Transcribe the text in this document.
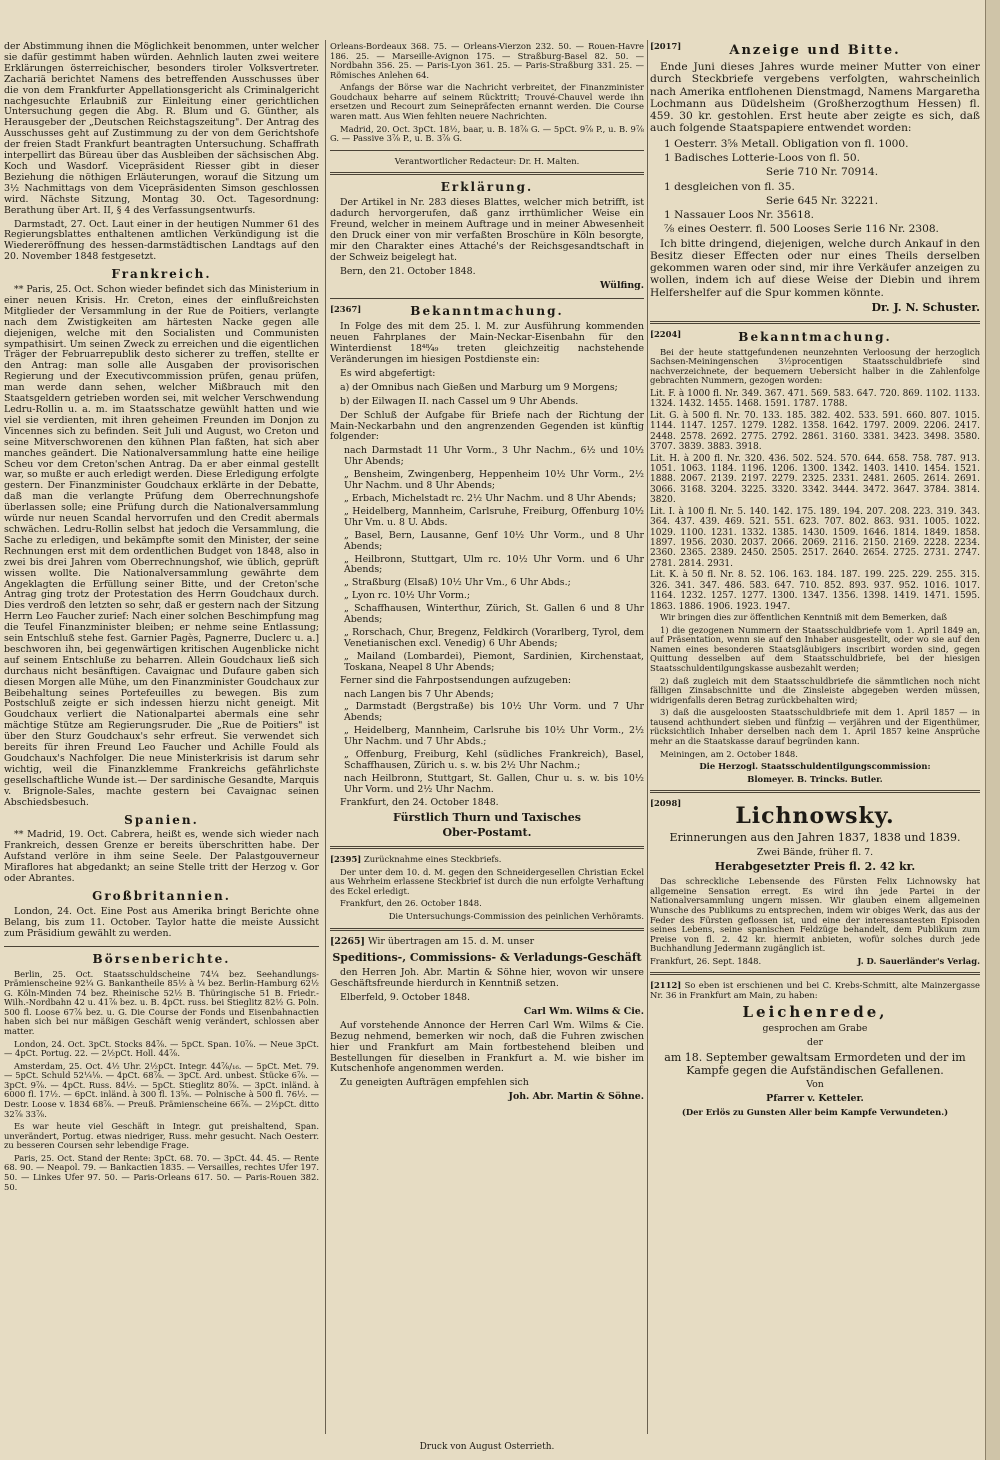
der Abstimmung ihnen die Möglichkeit benommen, unter welcher sie dafür gestimmt haben würden. Aehnlich lauten zwei weitere Erklärungen österreichischer, besonders tiroler Volksvertreter. Zachariä berichtet Namens des betreffenden Ausschusses über die von dem Frankfurter Appellationsgericht als Criminalgericht nachgesuchte Erlaubniß zur Einleitung einer gerichtlichen Untersuchung gegen die Abg. R. Blum und G. Günther, als Herausgeber der „Deutschen Reichstagszeitung". Der Antrag des Ausschusses geht auf Zustimmung zu der von dem Gerichtshofe der freien Stadt Frankfurt beantragten Untersuchung. Schaffrath interpellirt das Büreau über das Ausbleiben der sächsischen Abg. Koch und Wasdorf. Vicepräsident Riesser gibt in dieser Beziehung die nöthigen Erläuterungen, worauf die Sitzung um 3½ Nachmittags von dem Vicepräsidenten Simson geschlossen wird. Nächste Sitzung, Montag 30. Oct. Tagesordnung: Berathung über Art. II, § 4 des Verfassungsentwurfs.

Darmstadt, 27. Oct. Laut einer in der heutigen Nummer 61 des Regierungsblattes enthaltenen amtlichen Verkündigung ist die Wiedereröffnung des hessen-darmstädtischen Landtags auf den 20. November 1848 festgesetzt.

Frankreich.

** Paris, 25. Oct. Schon wieder befindet sich das Ministerium in einer neuen Krisis. Hr. Creton, eines der einflußreichsten Mitglieder der Versammlung in der Rue de Poitiers, verlangte nach dem Zwistigkeiten am härtesten Nacke gegen alle diejenigen, welche mit den Socialisten und Communisten sympathisirt. Um seinen Zweck zu erreichen und die eigentlichen Träger der Februarrepublik desto sicherer zu treffen, stellte er den Antrag: man solle alle Ausgaben der provisorischen Regierung und der Executivcommission prüfen, genau prüfen, man werde dann sehen, welcher Mißbrauch mit den Staatsgeldern getrieben worden sei, mit welcher Verschwendung Ledru-Rollin u. a. m. im Staatsschatze gewühlt hatten und wie viel sie verdienten, mit ihren geheimen Freunden im Donjon zu Vincennes sich zu befinden. Seit Juli und August, wo Creton und seine Mitverschworenen den kühnen Plan faßten, hat sich aber manches geändert. Die Nationalversammlung hatte eine heilige Scheu vor dem Creton'schen Antrag. Da er aber einmal gestellt war, so mußte er auch erledigt werden. Diese Erledigung erfolgte gestern. Der Finanzminister Goudchaux erklärte in der Debatte, daß man die verlangte Prüfung dem Oberrechnungshofe überlassen solle; eine Prüfung durch die Nationalversammlung würde nur neuen Scandal hervorrufen und den Credit abermals schwächen. Ledru-Rollin selbst hat jedoch die Versammlung, die Sache zu erledigen, und bekämpfte somit den Minister, der seine Rechnungen erst mit dem ordentlichen Budget von 1848, also in zwei bis drei Jahren vom Oberrechnungshof, wie üblich, geprüft wissen wollte. Die Nationalversammlung gewährte dem Angeklagten die Erfüllung seiner Bitte, und der Creton'sche Antrag ging trotz der Protestation des Herrn Goudchaux durch. Dies verdroß den letzten so sehr, daß er gestern nach der Sitzung Herrn Leo Faucher zurief: Nach einer solchen Beschimpfung mag die Teufel Finanzminister bleiben; er nehme seine Entlassung; sein Entschluß stehe fest. Garnier Pagès, Pagnerre, Duclerc u. a.] beschworen ihn, bei gegenwärtigen kritischen Augenblicke nicht auf seinem Entschluße zu beharren. Allein Goudchaux ließ sich durchaus nicht besänftigen. Cavaignac und Dufaure gaben sich diesen Morgen alle Mühe, um den Finanzminister Goudchaux zur Beibehaltung seines Portefeuilles zu bewegen. Bis zum Postschluß zeigte er sich indessen hierzu nicht geneigt. Mit Goudchaux verliert die Nationalpartei abermals eine sehr mächtige Stütze am Regierungsruder. Die „Rue de Poitiers" ist über den Sturz Goudchaux's sehr erfreut. Sie verwendet sich bereits für ihren Freund Leo Faucher und Achille Fould als Goudchaux's Nachfolger. Die neue Ministerkrisis ist darum sehr wichtig, weil die Finanzklemme Frankreichs gefährlichste gesellschaftliche Wunde ist.— Der sardinische Gesandte, Marquis v. Brignole-Sales, machte gestern bei Cavaignac seinen Abschiedsbesuch.

Spanien.

** Madrid, 19. Oct. Cabrera, heißt es, wende sich wieder nach Frankreich, dessen Grenze er bereits überschritten habe. Der Aufstand verlöre in ihm seine Seele. Der Palastgouverneur Miraflores hat abgedankt; an seine Stelle tritt der Herzog v. Gor oder Abrantes.

Großbritannien.

London, 24. Oct. Eine Post aus Amerika bringt Berichte ohne Belang, bis zum 11. October. Taylor hatte die meiste Aussicht zum Präsidium gewählt zu werden.

Börsenberichte.

Berlin, 25. Oct. Staatsschuldscheine 74¼ bez. Seehandlungs-Prämienscheine 92¼ G. Bankantheile 85½ à ¼ bez. Berlin-Hamburg 62½ G. Köln-Minden 74 bez. Rheinische 52½ B. Thüringische 51 B. Friedr.-Wilh.-Nordbahn 42 u. 41⅞ bez. u. B. 4pCt. russ. bei Stieglitz 82½ G. Poln. 500 fl. Loose 67⅞ bez. u. G. Die Course der Fonds und Eisenbahnactien haben sich bei nur mäßigen Geschäft wenig verändert, schlossen aber matter.

London, 24. Oct. 3pCt. Stocks 84⅞. — 5pCt. Span. 10⅞. — Neue 3pCt. — 4pCt. Portug. 22. — 2½pCt. Holl. 44⅞.

Amsterdam, 25. Oct. 4½ Uhr. 2½pCt. Integr. 44⅞/₁₆. — 5pCt. Met. 79. — 5pCt. Schuld 52¼⅛. — 4pCt. 68⅞. — 3pCt. Ard. unbest. Stücke 6⅞. — 3pCt. 9⅞. — 4pCt. Russ. 84½. — 5pCt. Stieglitz 80⅞. — 3pCt. inländ. à 6000 fl. 17½. — 6pCt. inländ. à 300 fl. 13⅝. — Polnische à 500 fl. 76½. — Destr. Loose v. 1834 68⅞. — Preuß. Prämienscheine 66⅞. — 2½pCt. ditto 32⅞ 33⅞.

Es war heute viel Geschäft in Integr. gut preishaltend, Span. unverändert, Portug. etwas niedriger, Russ. mehr gesucht. Nach Oesterr. zu besseren Coursen sehr lebendige Frage.

Paris, 25. Oct. Stand der Rente: 3pCt. 68. 70. — 3pCt. 44. 45. — Rente 68. 90. — Neapol. 79. — Bankactien 1835. — Versailles, rechtes Ufer 197. 50. — Linkes Ufer 97. 50. — Paris-Orleans 617. 50. — Paris-Rouen 382. 50.

Orleans-Bordeaux 368. 75. — Orleans-Vierzon 232. 50. — Rouen-Havre 186. 25. — Marseille-Avignon 175. — Straßburg-Basel 82. 50. — Nordbahn 356. 25. — Paris-Lyon 361. 25. — Paris-Straßburg 331. 25. — Römisches Anlehen 64.

Anfangs der Börse war die Nachricht verbreitet, der Finanzminister Goudchaux beharre auf seinem Rücktritt; Trouvé-Chauvel werde ihn ersetzen und Recourt zum Seinepräfecten ernannt werden. Die Course waren matt. Aus Wien fehlten neuere Nachrichten.

Madrid, 20. Oct. 3pCt. 18½, baar, u. B. 18⅞ G. — 5pCt. 9⅞ P., u. B. 9⅞ G. — Passive 3⅞ P., u. B. 3⅞ G.

Verantwortlicher Redacteur: Dr. H. Malten.

Erklärung.

Der Artikel in Nr. 283 dieses Blattes, welcher mich betrifft, ist dadurch hervorgerufen, daß ganz irrthümlicher Weise ein Freund, welcher in meinem Auftrage und in meiner Abwesenheit den Druck einer von mir verfaßten Broschüre in Köln besorgte, mir den Charakter eines Attaché's der Reichsgesandtschaft in der Schweiz beigelegt hat.

Bern, den 21. October 1848.

Wülfing.

[2367]	Bekanntmachung.

In Folge des mit dem 25. l. M. zur Ausführung kommenden neuen Fahrplanes der Main-Neckar-Eisenbahn für den Winterdienst 18⁴⁸⁄₄₉ treten gleichzeitig nachstehende Veränderungen im hiesigen Postdienste ein:

Es wird abgefertigt:

a) der Omnibus nach Gießen und Marburg um 9 Morgens;

b) der Eilwagen II. nach Cassel um 9 Uhr Abends.

Der Schluß der Aufgabe für Briefe nach der Richtung der Main-Neckarbahn und den angrenzenden Gegenden ist künftig folgender:

nach Darmstadt 11 Uhr Vorm., 3 Uhr Nachm., 6½ und 10½ Uhr Abends;

„ Bensheim, Zwingenberg, Heppenheim 10½ Uhr Vorm., 2½ Uhr Nachm. und 8 Uhr Abends;

„ Erbach, Michelstadt rc. 2½ Uhr Nachm. und 8 Uhr Abends;

„ Heidelberg, Mannheim, Carlsruhe, Freiburg, Offenburg 10½ Uhr Vm. u. 8 U. Abds.

„ Basel, Bern, Lausanne, Genf 10½ Uhr Vorm., und 8 Uhr Abends;

„ Heilbronn, Stuttgart, Ulm rc. 10½ Uhr Vorm. und 6 Uhr Abends;

„ Straßburg (Elsaß) 10½ Uhr Vm., 6 Uhr Abds.;

„ Lyon rc. 10½ Uhr Vorm.;

„ Schaffhausen, Winterthur, Zürich, St. Gallen 6 und 8 Uhr Abends;

„ Rorschach, Chur, Bregenz, Feldkirch (Vorarlberg, Tyrol, dem Venetianischen excl. Venedig) 6 Uhr Abends;

„ Mailand (Lombardei), Piemont, Sardinien, Kirchenstaat, Toskana, Neapel 8 Uhr Abends;

Ferner sind die Fahrpostsendungen aufzugeben:

nach Langen bis 7 Uhr Abends;

„ Darmstadt (Bergstraße) bis 10½ Uhr Vorm. und 7 Uhr Abends;

„ Heidelberg, Mannheim, Carlsruhe bis 10½ Uhr Vorm., 2½ Uhr Nachm. und 7 Uhr Abds.;

„ Offenburg, Freiburg, Kehl (südliches Frankreich), Basel, Schaffhausen, Zürich u. s. w. bis 2½ Uhr Nachm.;

nach Heilbronn, Stuttgart, St. Gallen, Chur u. s. w. bis 10½ Uhr Vorm. und 2½ Uhr Nachm.

Frankfurt, den 24. October 1848.

Fürstlich Thurn und Taxisches

Ober-Postamt.

[2395] Zurücknahme eines Steckbriefs.

Der unter dem 10. d. M. gegen den Schneidergesellen Christian Eckel aus Wehrheim erlassene Steckbrief ist durch die nun erfolgte Verhaftung des Eckel erledigt.

Frankfurt, den 26. October 1848.

Die Untersuchungs-Commission des peinlichen Verhöramts.

[2265] Wir übertragen am 15. d. M. unser

Speditions-, Commissions- & Verladungs-Geschäft

den Herren Joh. Abr. Martin & Söhne hier, wovon wir unsere Geschäftsfreunde hierdurch in Kenntniß setzen.

Elberfeld, 9. October 1848.

Carl Wm. Wilms & Cie.

Auf vorstehende Annonce der Herren Carl Wm. Wilms & Cie. Bezug nehmend, bemerken wir noch, daß die Fuhren zwischen hier und Frankfurt am Main fortbestehend bleiben und Bestellungen für dieselben in Frankfurt a. M. wie bisher im Kutschenhofe angenommen werden.

Zu geneigten Aufträgen empfehlen sich

Joh. Abr. Martin & Söhne.

[2017]	Anzeige und Bitte.

Ende Juni dieses Jahres wurde meiner Mutter von einer durch Steckbriefe vergebens verfolgten, wahrscheinlich nach Amerika entflohenen Dienstmagd, Namens Margaretha Lochmann aus Düdelsheim (Großherzogthum Hessen) fl. 459. 30 kr. gestohlen. Erst heute aber zeigte es sich, daß auch folgende Staatspapiere entwendet worden:

1 Oesterr. 3⅝ Metall. Obligation von fl. 1000.

1 Badisches Lotterie-Loos von fl. 50.

Serie 710 Nr. 70914.

1 desgleichen von fl. 35.

Serie 645 Nr. 32221.

1 Nassauer Loos Nr. 35618.

⅞ eines Oesterr. fl. 500 Looses Serie 116 Nr. 2308.

Ich bitte dringend, diejenigen, welche durch Ankauf in den Besitz dieser Effecten oder nur eines Theils derselben gekommen waren oder sind, mir ihre Verkäufer anzeigen zu wollen, indem ich auf diese Weise der Diebin und ihrem Helfershelfer auf die Spur kommen könnte.

Dr. J. N. Schuster.

[2204]	Bekanntmachung.

Bei der heute stattgefundenen neunzehnten Verloosung der herzoglich Sachsen-Meiningenschen 3½procentigen Staatsschuldbriefe sind nachverzeichnete, der bequemern Uebersicht halber in die Zahlenfolge gebrachten Nummern, gezogen worden:

Lit. F. à 1000 fl. Nr. 349. 367. 471. 569. 583. 647. 720. 869. 1102. 1133. 1324. 1432. 1455. 1468. 1591. 1787. 1788.

Lit. G. à 500 fl. Nr. 70. 133. 185. 382. 402. 533. 591. 660. 807. 1015. 1144. 1147. 1257. 1279. 1282. 1358. 1642. 1797. 2009. 2206. 2417. 2448. 2578. 2692. 2775. 2792. 2861. 3160. 3381. 3423. 3498. 3580. 3707. 3839. 3883. 3918.

Lit. H. à 200 fl. Nr. 320. 436. 502. 524. 570. 644. 658. 758. 787. 913. 1051. 1063. 1184. 1196. 1206. 1300. 1342. 1403. 1410. 1454. 1521. 1888. 2067. 2139. 2197. 2279. 2325. 2331. 2481. 2605. 2614. 2691. 3066. 3168. 3204. 3225. 3320. 3342. 3444. 3472. 3647. 3784. 3814. 3820.

Lit. I. à 100 fl. Nr. 5. 140. 142. 175. 189. 194. 207. 208. 223. 319. 343. 364. 437. 439. 469. 521. 551. 623. 707. 802. 863. 931. 1005. 1022. 1029. 1100. 1231. 1332. 1385. 1430. 1509. 1646. 1814. 1849. 1858. 1897. 1956. 2030. 2037. 2066. 2069. 2116. 2150. 2169. 2228. 2234. 2360. 2365. 2389. 2450. 2505. 2517. 2640. 2654. 2725. 2731. 2747. 2781. 2814. 2931.

Lit. K. à 50 fl. Nr. 8. 52. 106. 163. 184. 187. 199. 225. 229. 255. 315. 326. 341. 347. 486. 583. 647. 710. 852. 893. 937. 952. 1016. 1017. 1164. 1232. 1257. 1277. 1300. 1347. 1356. 1398. 1419. 1471. 1595. 1863. 1886. 1906. 1923. 1947.

Wir bringen dies zur öffentlichen Kenntniß mit dem Bemerken, daß

1) die gezogenen Nummern der Staatsschuldbriefe vom 1. April 1849 an, auf Präsentation, wenn sie auf den Inhaber ausgestellt, oder wo sie auf den Namen eines besonderen Staatsgläubigers inscribirt worden sind, gegen Quittung desselben auf dem Staatsschuldbriefe, bei der hiesigen Staatsschuldentilgungskasse ausbezahlt werden;

2) daß zugleich mit dem Staatsschuldbriefe die sämmtlichen noch nicht fälligen Zinsabschnitte und die Zinsleiste abgegeben werden müssen, widrigenfalls deren Betrag zurückbehalten wird;

3) daß die ausgeloosten Staatsschuldbriefe mit dem 1. April 1857 — in tausend achthundert sieben und fünfzig — verjähren und der Eigenthümer, rücksichtlich Inhaber derselben nach dem 1. April 1857 keine Ansprüche mehr an die Staatskasse darauf begründen kann.

Meiningen, am 2. October 1848.

Die Herzogl. Staatsschuldentilgungscommission:

Blomeyer. B. Trincks. Butler.

[2098]	Lichnowsky.

Erinnerungen aus den Jahren 1837, 1838 und 1839.

Zwei Bände, früher fl. 7.

Herabgesetzter Preis fl. 2. 42 kr.

Das schreckliche Lebensende des Fürsten Felix Lichnowsky hat allgemeine Sensation erregt. Es wird ihn jede Partei in der Nationalversammlung ungern missen. Wir glauben einem allgemeinen Wunsche des Publikums zu entsprechen, indem wir obiges Werk, das aus der Feder des Fürsten geflossen ist, und eine der interessantesten Episoden seines Lebens, seine spanischen Feldzüge behandelt, dem Publikum zum Preise von fl. 2. 42 kr. hiermit anbieten, wofür solches durch jede Buchhandlung Jedermann zugänglich ist.

Frankfurt, 26. Sept. 1848.	J. D. Sauerländer's Verlag.

[2112] So eben ist erschienen und bei C. Krebs-Schmitt, alte Mainzergasse Nr. 36 in Frankfurt am Main, zu haben:

Leichenrede,

gesprochen am Grabe

der

am 18. September gewaltsam Ermordeten und der im Kampfe gegen die Aufständischen Gefallenen.

Von

Pfarrer v. Ketteler.

(Der Erlös zu Gunsten Aller beim Kampfe Verwundeten.)

Druck von August Osterrieth.
